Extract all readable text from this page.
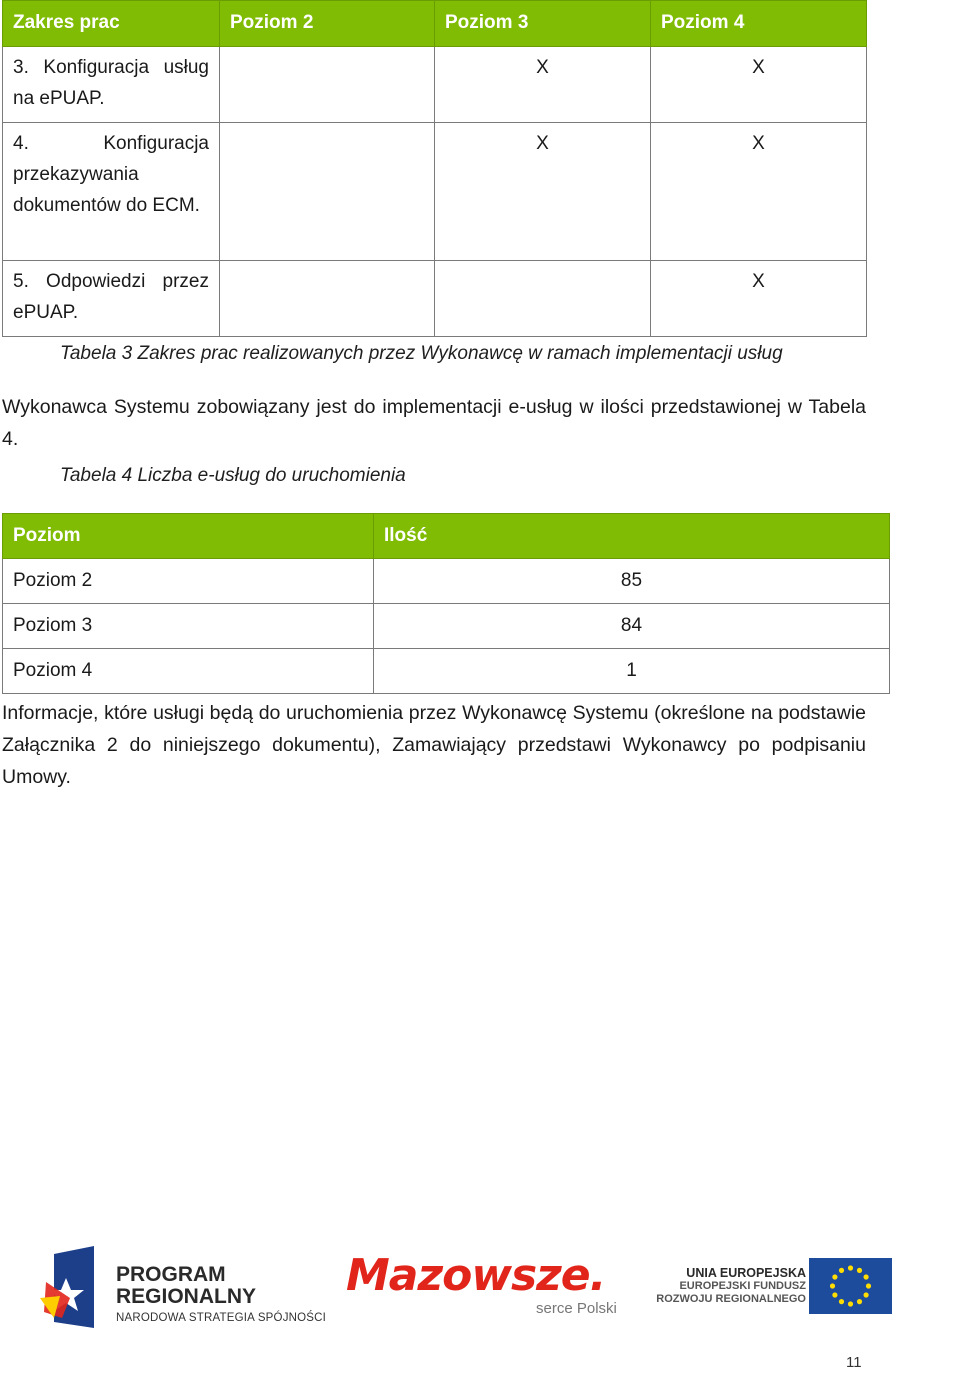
Zakres prac	Poziom 2	Poziom 3	Poziom 4
3. Konfiguracja usług na ePUAP.		X	X
4. Konfiguracja przekazywania dokumentów do ECM.		X	X
5. Odpowiedzi przez ePUAP.			X
Tabela 3 Zakres prac realizowanych przez Wykonawcę w ramach implementacji usług

Wykonawca Systemu zobowiązany jest do implementacji e-usług w ilości przedstawionej w Tabela 4.

Tabela 4 Liczba e-usług do uruchomienia
Poziom	Ilość
Poziom 2	85
Poziom 3	84
Poziom 4	1

Informacje, które usługi będą do uruchomienia przez Wykonawcę Systemu (określone na podstawie Załącznika 2 do niniejszego dokumentu), Zamawiający przedstawi Wykonawcy po podpisaniu Umowy.

PROGRAM
REGIONALNY
NARODOWA STRATEGIA SPÓJNOŚCI
Mazowsze.
serce Polski
UNIA EUROPEJSKA
EUROPEJSKI FUNDUSZ
ROZWOJU REGIONALNEGO
11
